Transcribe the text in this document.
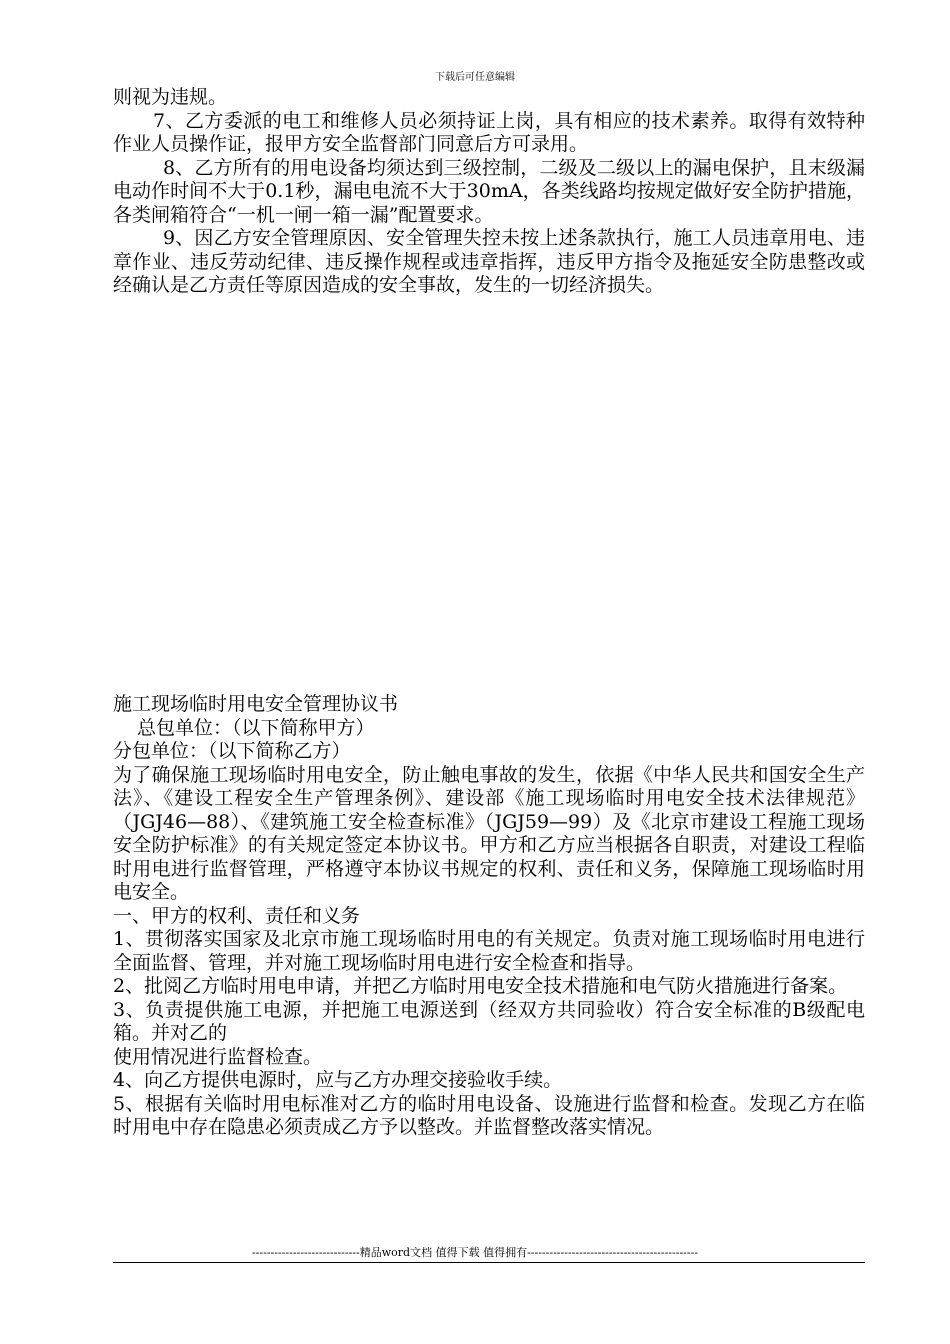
下载后可任意编辑

则视为违规。

7、乙方委派的电工和维修人员必须持证上岗，具有相应的技术素养。取得有效特种作业人员操作证，报甲方安全监督部门同意后方可录用。

8、乙方所有的用电设备均须达到三级控制，二级及二级以上的漏电保护，且末级漏电动作时间不大于0.1秒，漏电电流不大于30mA，各类线路均按规定做好安全防护措施，各类闸箱符合“一机一闸一箱一漏”配置要求。

9、因乙方安全管理原因、安全管理失控未按上述条款执行，施工人员违章用电、违章作业、违反劳动纪律、违反操作规程或违章指挥，违反甲方指令及拖延安全防患整改或经确认是乙方责任等原因造成的安全事故，发生的一切经济损失。

施工现场临时用电安全管理协议书

总包单位：（以下简称甲方）

分包单位：（以下简称乙方）

为了确保施工现场临时用电安全，防止触电事故的发生，依据《中华人民共和国安全生产法》、《建设工程安全生产管理条例》、建设部《施工现场临时用电安全技术法律规范》（JGJ46—88）、《建筑施工安全检查标准》（JGJ59—99）及《北京市建设工程施工现场安全防护标准》的有关规定签定本协议书。甲方和乙方应当根据各自职责，对建设工程临时用电进行监督管理，严格遵守本协议书规定的权利、责任和义务，保障施工现场临时用电安全。

一、甲方的权利、责任和义务

1、贯彻落实国家及北京市施工现场临时用电的有关规定。负责对施工现场临时用电进行全面监督、管理，并对施工现场临时用电进行安全检查和指导。

2、批阅乙方临时用电申请，并把乙方临时用电安全技术措施和电气防火措施进行备案。

3、负责提供施工电源，并把施工电源送到（经双方共同验收）符合安全标准的B级配电箱。并对乙的

使用情况进行监督检查。

4、向乙方提供电源时，应与乙方办理交接验收手续。

5、根据有关临时用电标准对乙方的临时用电设备、设施进行监督和检查。发现乙方在临时用电中存在隐患必须责成乙方予以整改。并监督整改落实情况。

-----------------------------精品word文档 值得下载 值得拥有----------------------------------------------
